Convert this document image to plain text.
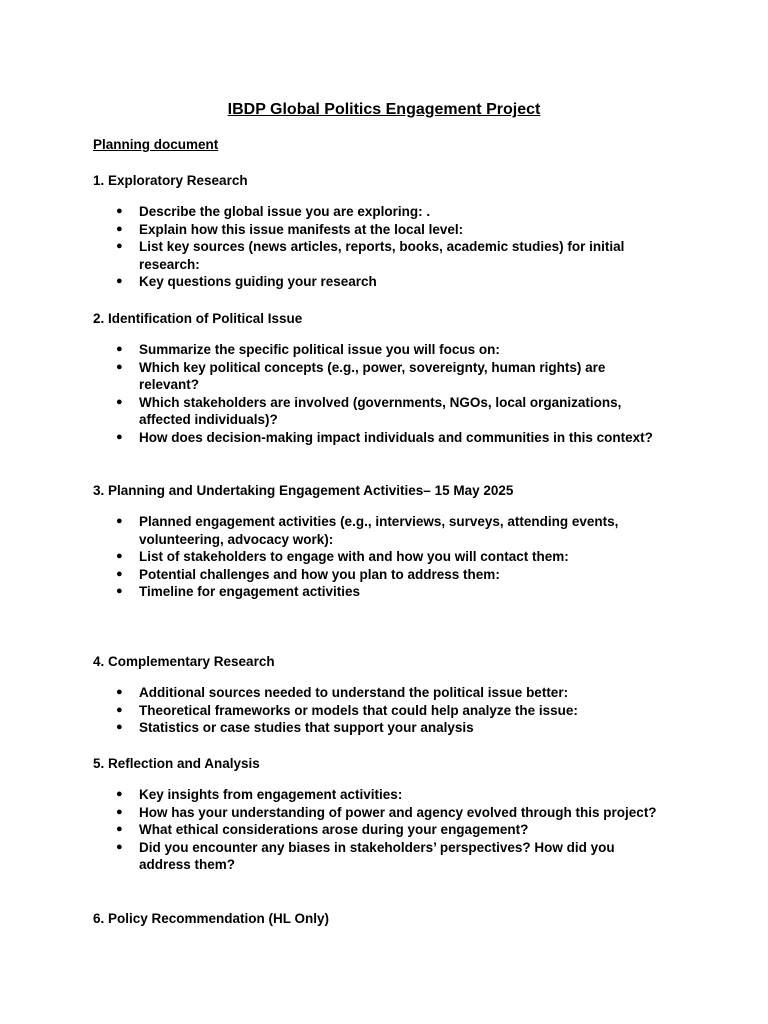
IBDP Global Politics Engagement Project
Planning document
1. Exploratory Research
● Describe the global issue you are exploring: .
● Explain how this issue manifests at the local level:
● List key sources (news articles, reports, books, academic studies) for initial research:
● Key questions guiding your research
2. Identification of Political Issue
● Summarize the specific political issue you will focus on:
● Which key political concepts (e.g., power, sovereignty, human rights) are relevant?
● Which stakeholders are involved (governments, NGOs, local organizations, affected individuals)?
● How does decision-making impact individuals and communities in this context?
3. Planning and Undertaking Engagement Activities– 15 May 2025
● Planned engagement activities (e.g., interviews, surveys, attending events, volunteering, advocacy work):
● List of stakeholders to engage with and how you will contact them:
● Potential challenges and how you plan to address them:
● Timeline for engagement activities
4. Complementary Research
● Additional sources needed to understand the political issue better:
● Theoretical frameworks or models that could help analyze the issue:
● Statistics or case studies that support your analysis
5. Reflection and Analysis
● Key insights from engagement activities:
● How has your understanding of power and agency evolved through this project?
● What ethical considerations arose during your engagement?
● Did you encounter any biases in stakeholders’ perspectives? How did you address them?
6. Policy Recommendation (HL Only)
